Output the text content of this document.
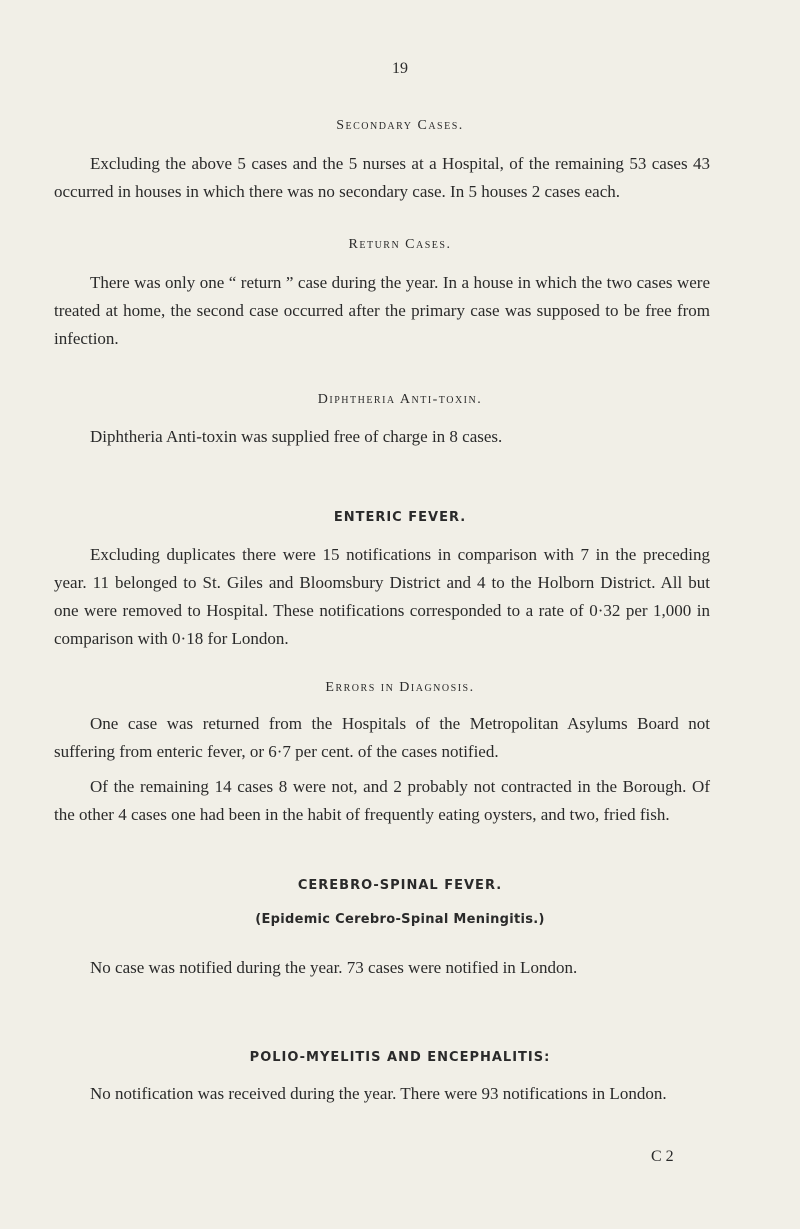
19
Secondary Cases.

Excluding the above 5 cases and the 5 nurses at a Hospital, of the remaining 53 cases 43 occurred in houses in which there was no secondary case. In 5 houses 2 cases each.

Return Cases.

There was only one “ return ” case during the year. In a house in which the two cases were treated at home, the second case occurred after the primary case was supposed to be free from infection.

Diphtheria Anti-toxin.

Diphtheria Anti-toxin was supplied free of charge in 8 cases.

ENTERIC FEVER.

Excluding duplicates there were 15 notifications in comparison with 7 in the preceding year. 11 belonged to St. Giles and Bloomsbury District and 4 to the Holborn District. All but one were removed to Hospital. These notifications corresponded to a rate of 0·32 per 1,000 in comparison with 0·18 for London.

Errors in Diagnosis.

One case was returned from the Hospitals of the Metropolitan Asylums Board not suffering from enteric fever, or 6·7 per cent. of the cases notified.

Of the remaining 14 cases 8 were not, and 2 probably not contracted in the Borough. Of the other 4 cases one had been in the habit of frequently eating oysters, and two, fried fish.

CEREBRO-SPINAL FEVER.
(Epidemic Cerebro-Spinal Meningitis.)

No case was notified during the year. 73 cases were notified in London.

POLIO-MYELITIS AND ENCEPHALITIS:

No notification was received during the year. There were 93 notifications in London.

C 2
